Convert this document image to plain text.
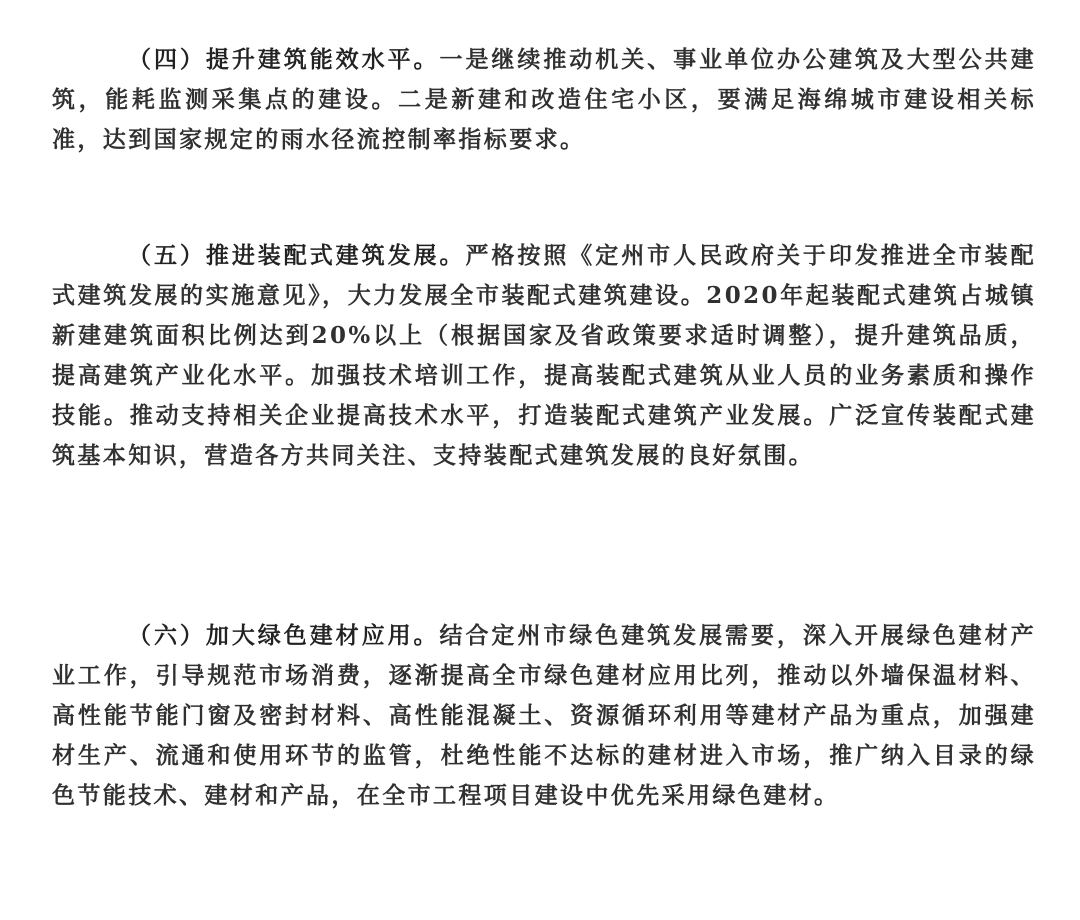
（四）提升建筑能效水平。一是继续推动机关、事业单位办公建筑及大型公共建筑，能耗监测采集点的建设。二是新建和改造住宅小区，要满足海绵城市建设相关标准，达到国家规定的雨水径流控制率指标要求。

（五）推进装配式建筑发展。严格按照《定州市人民政府关于印发推进全市装配式建筑发展的实施意见》，大力发展全市装配式建筑建设。2020年起装配式建筑占城镇新建建筑面积比例达到20%以上（根据国家及省政策要求适时调整），提升建筑品质，提高建筑产业化水平。加强技术培训工作，提高装配式建筑从业人员的业务素质和操作技能。推动支持相关企业提高技术水平，打造装配式建筑产业发展。广泛宣传装配式建筑基本知识，营造各方共同关注、支持装配式建筑发展的良好氛围。

（六）加大绿色建材应用。结合定州市绿色建筑发展需要，深入开展绿色建材产业工作，引导规范市场消费，逐渐提高全市绿色建材应用比列，推动以外墙保温材料、高性能节能门窗及密封材料、高性能混凝土、资源循环利用等建材产品为重点，加强建材生产、流通和使用环节的监管，杜绝性能不达标的建材进入市场，推广纳入目录的绿色节能技术、建材和产品，在全市工程项目建设中优先采用绿色建材。
